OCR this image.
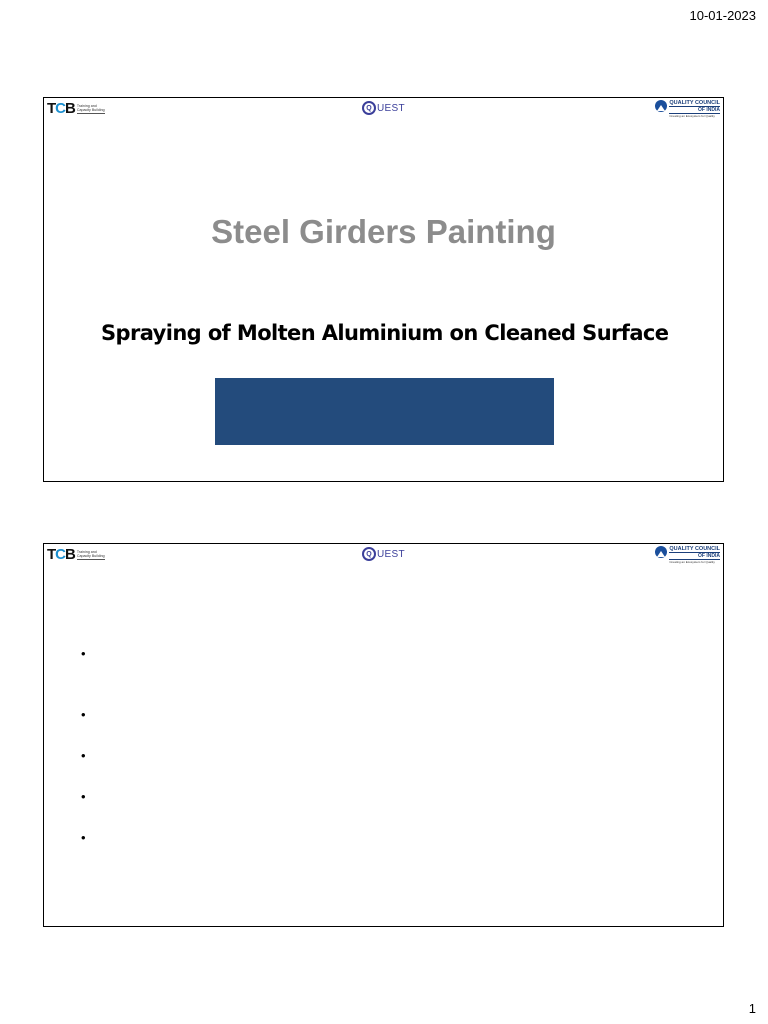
10-01-2023
TCB Training and
Capacity Building	Q UEST	QUALITY COUNCIL
OF INDIA
Creating an Ecosystem for Quality
Steel Girders Painting
Spraying of Molten Aluminium on Cleaned Surface
TCB Training and
Capacity Building	Q UEST	QUALITY COUNCIL
OF INDIA
Creating an Ecosystem for Quality
•
•
•
•
•
1
